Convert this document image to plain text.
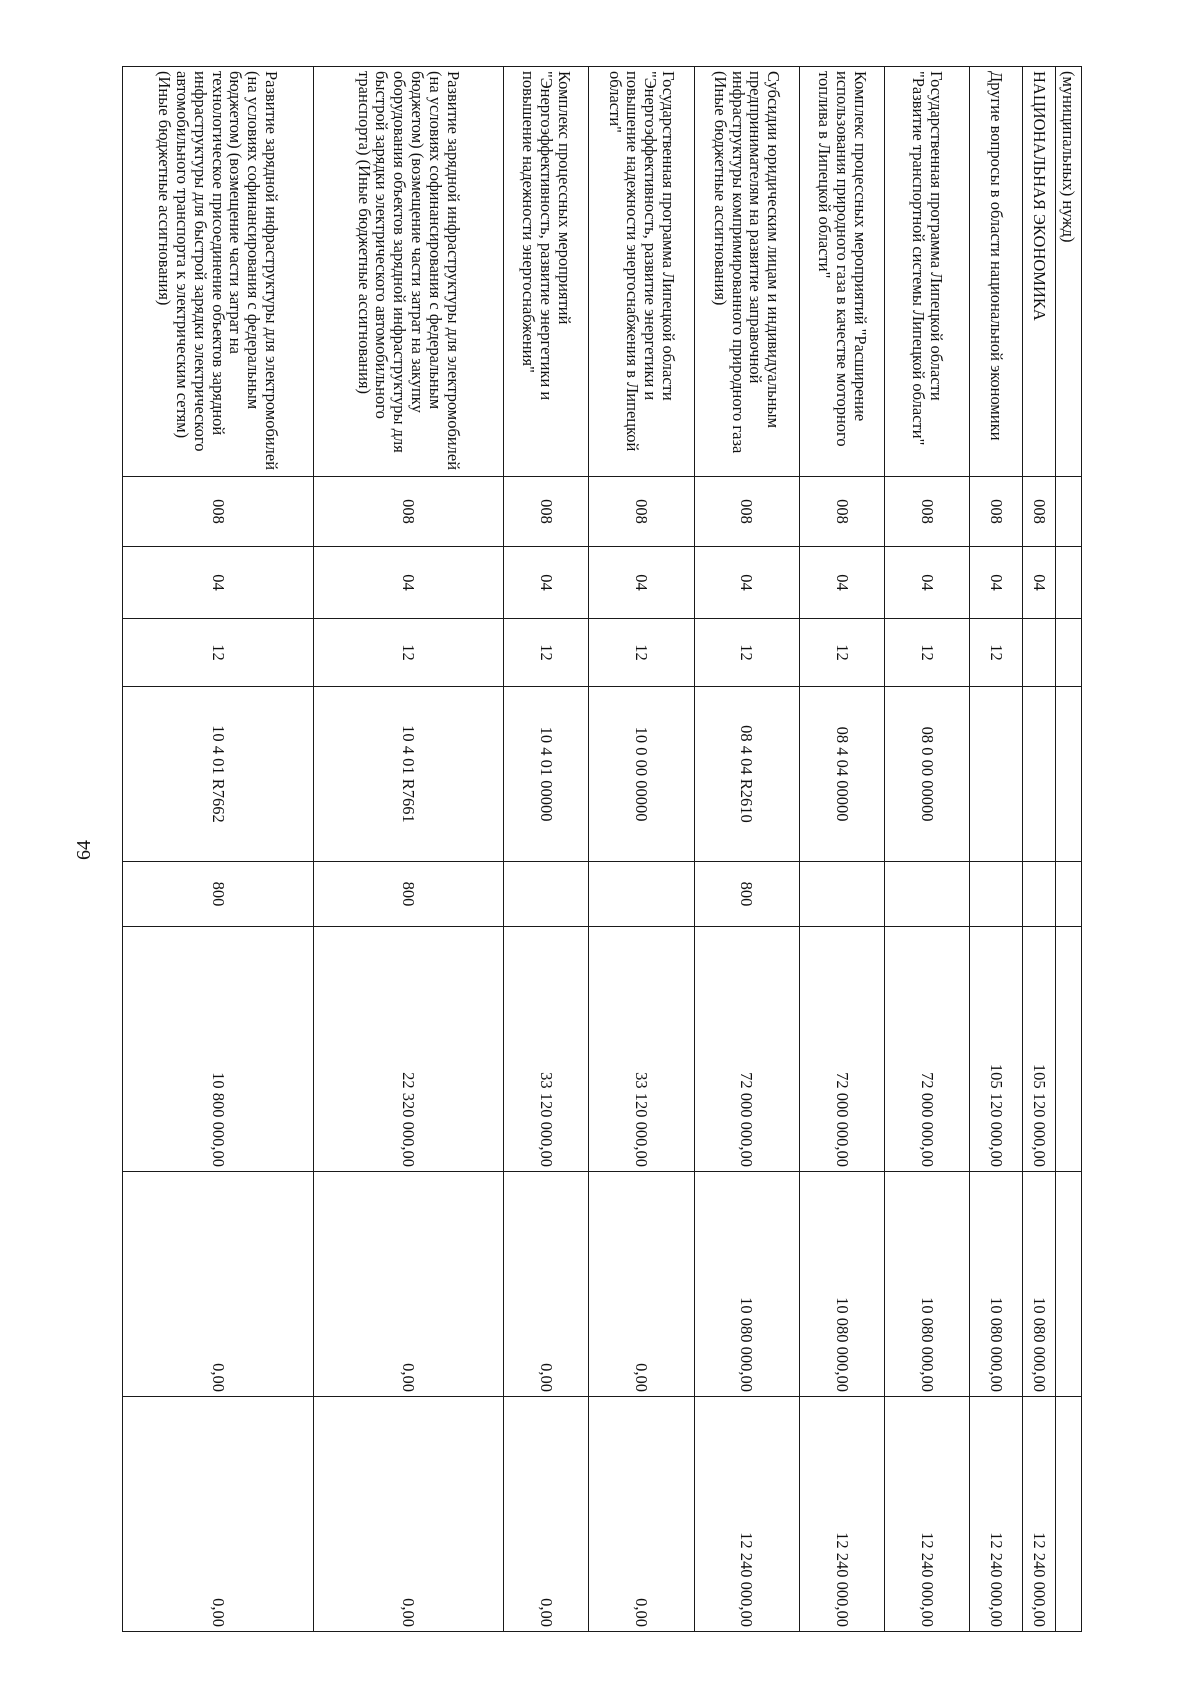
64
(муниципальных) нужд)								
НАЦИОНАЛЬНАЯ ЭКОНОМИКА	008	04				105 120 000,00	10 080 000,00	12 240 000,00
Другие вопросы в области национальной экономики	008	04	12			105 120 000,00	10 080 000,00	12 240 000,00
Государственная программа Липецкой области "Развитие транспортной системы Липецкой области"	008	04	12	08 0 00 00000		72 000 000,00	10 080 000,00	12 240 000,00
Комплекс процессных мероприятий "Расширение использования природного газа в качестве моторного топлива в Липецкой области"	008	04	12	08 4 04 00000		72 000 000,00	10 080 000,00	12 240 000,00
Субсидии юридическим лицам и индивидуальным предпринимателям на развитие заправочной инфраструктуры компримированного природного газа (Иные бюджетные ассигнования)	008	04	12	08 4 04 R2610	800	72 000 000,00	10 080 000,00	12 240 000,00
Государственная программа Липецкой области "Энергоэффективность, развитие энергетики и повышение надежности энергоснабжения в Липецкой области"	008	04	12	10 0 00 00000		33 120 000,00	0,00	0,00
Комплекс процессных мероприятий "Энергоэффективность, развитие энергетики и повышение надежности энергоснабжения"	008	04	12	10 4 01 00000		33 120 000,00	0,00	0,00
Развитие зарядной инфраструктуры для электромобилей (на условиях софинансирования с федеральным бюджетом) (возмещение части затрат на закупку оборудования объектов зарядной инфраструктуры для быстрой зарядки электрического автомобильного транспорта) (Иные бюджетные ассигнования)	008	04	12	10 4 01 R7661	800	22 320 000,00	0,00	0,00
Развитие зарядной инфраструктуры для электромобилей (на условиях софинансирования с федеральным бюджетом) (возмещение части затрат на технологическое присоединение объектов зарядной инфраструктуры для быстрой зарядки электрического автомобильного транспорта к электрическим сетям) (Иные бюджетные ассигнования)	008	04	12	10 4 01 R7662	800	10 800 000,00	0,00	0,00
